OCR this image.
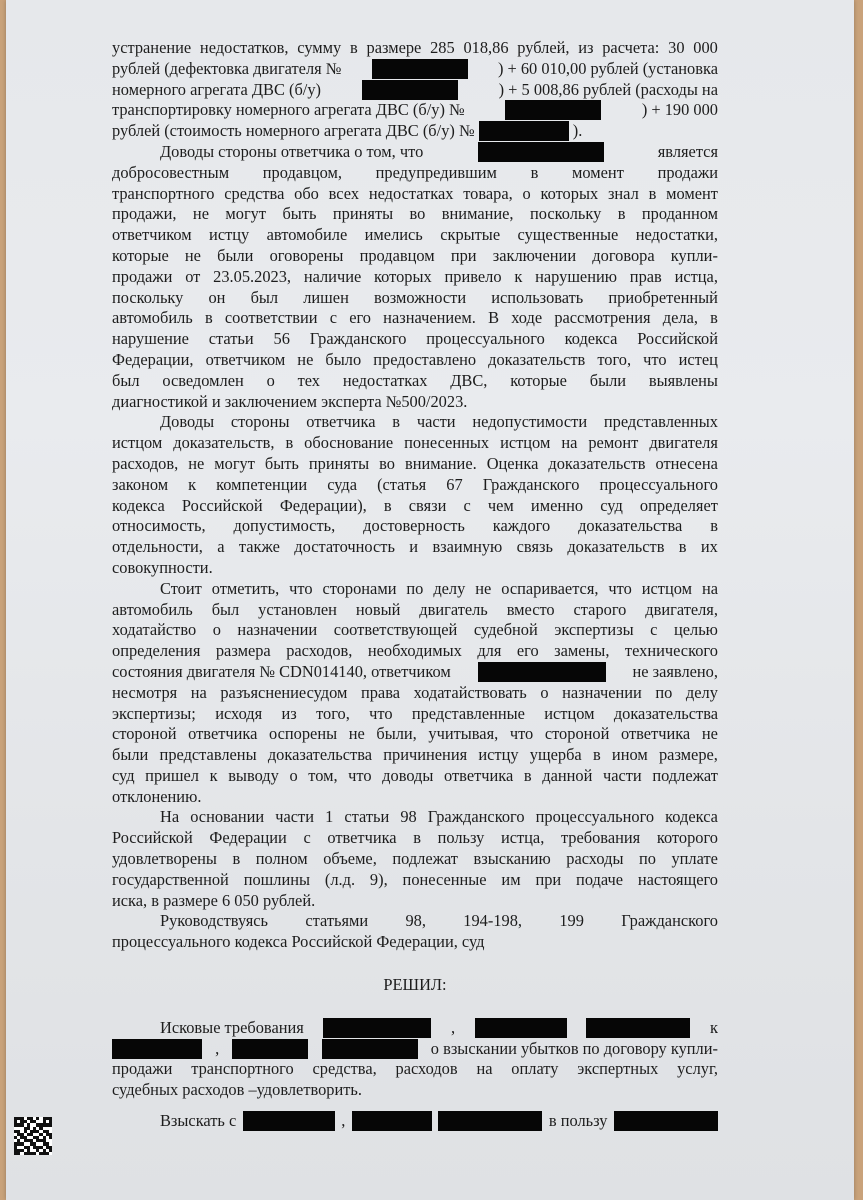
устранение недостатков, сумму в размере 285 018,86 рублей, из расчета: 30 000
рублей (дефектовка двигателя №	) + 60 010,00 рублей (установка
номерного агрегата ДВС (б/у)	) + 5 008,86 рублей (расходы на
транспортировку номерного агрегата ДВС (б/у) №	) + 190 000
рублей (стоимость номерного агрегата ДВС (б/у) №	).
Доводы стороны ответчика о том, что	является
добросовестным продавцом, предупредившим в момент продажи
транспортного средства обо всех недостатках товара, о которых знал в момент
продажи, не могут быть приняты во внимание, поскольку в проданном
ответчиком истцу автомобиле имелись скрытые существенные недостатки,
которые не были оговорены продавцом при заключении договора купли-
продажи от 23.05.2023, наличие которых привело к нарушению прав истца,
поскольку он был лишен возможности использовать приобретенный
автомобиль в соответствии с его назначением. В ходе рассмотрения дела, в
нарушение статьи 56 Гражданского процессуального кодекса Российской
Федерации, ответчиком не было предоставлено доказательств того, что истец
был осведомлен о тех недостатках ДВС, которые были выявлены
диагностикой и заключением эксперта №500/2023.
Доводы стороны ответчика в части недопустимости представленных
истцом доказательств, в обоснование понесенных истцом на ремонт двигателя
расходов, не могут быть приняты во внимание. Оценка доказательств отнесена
законом к компетенции суда (статья 67 Гражданского процессуального
кодекса Российской Федерации), в связи с чем именно суд определяет
относимость, допустимость, достоверность каждого доказательства в
отдельности, а также достаточность и взаимную связь доказательств в их
совокупности.
Стоит отметить, что сторонами по делу не оспаривается, что истцом на
автомобиль был установлен новый двигатель вместо старого двигателя,
ходатайство о назначении соответствующей судебной экспертизы с целью
определения размера расходов, необходимых для его замены, технического
состояния двигателя № CDN014140, ответчиком	не заявлено,
несмотря на разъяснениесудом права ходатайствовать о назначении по делу
экспертизы; исходя из того, что представленные истцом доказательства
стороной ответчика оспорены не были, учитывая, что стороной ответчика не
были представлены доказательства причинения истцу ущерба в ином размере,
суд пришел к выводу о том, что доводы ответчика в данной части подлежат
отклонению.
На основании части 1 статьи 98 Гражданского процессуального кодекса
Российской Федерации с ответчика в пользу истца, требования которого
удовлетворены в полном объеме, подлежат взысканию расходы по уплате
государственной пошлины (л.д. 9), понесенные им при подаче настоящего
иска, в размере 6 050 рублей.
Руководствуясь статьями 98, 194-198, 199 Гражданского
процессуального кодекса Российской Федерации, суд
РЕШИЛ:
Исковые требования	,	к
,	о взыскании убытков по договору купли-
продажи транспортного средства, расходов на оплату экспертных услуг,
судебных расходов –удовлетворить.
Взыскать с	,	в пользу
